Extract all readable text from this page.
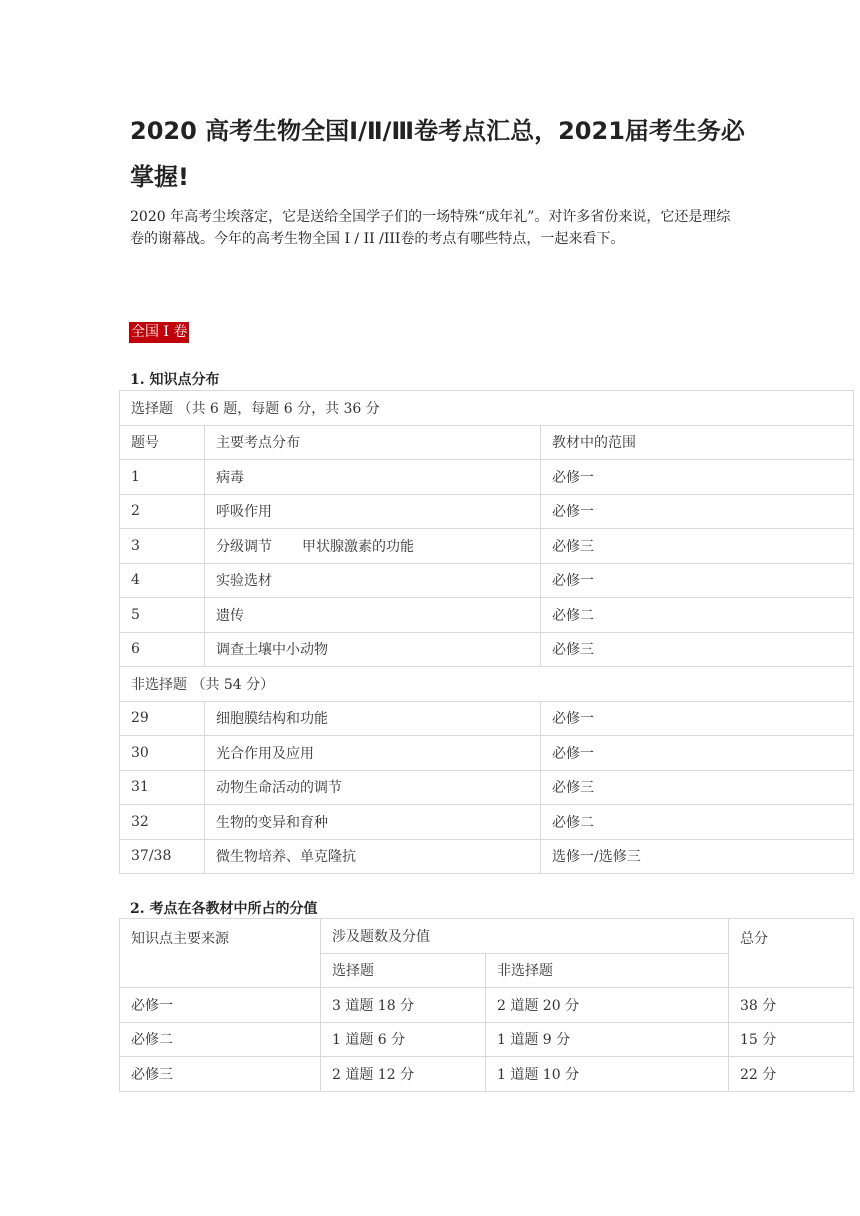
2020 高考生物全国Ⅰ/Ⅱ/Ⅲ卷考点汇总，2021届考生务必掌握!

2020 年高考尘埃落定，它是送给全国学子们的一场特殊“成年礼”。对许多省份来说，它还是理综卷的谢幕战。今年的高考生物全国 I / II /III卷的考点有哪些特点，一起来看下。

全国 I 卷
1. 知识点分布
选择题 （共 6 题，每题 6 分，共 36 分		
题号	主要考点分布	教材中的范围
1	病毒	必修一
2	呼吸作用	必修一
3	分级调节 甲状腺激素的功能	必修三
4	实验选材	必修一
5	遗传	必修二
6	调查土壤中小动物	必修三
非选择题 （共 54 分）		
29	细胞膜结构和功能	必修一
30	光合作用及应用	必修一
31	动物生命活动的调节	必修三
32	生物的变异和育种	必修二
37/38	微生物培养、单克隆抗	选修一/选修三
2. 考点在各教材中所占的分值
知识点主要来源	涉及题数及分值		总分
	选择题	非选择题	
必修一	3 道题 18 分	2 道题 20 分	38 分
必修二	1 道题 6 分	1 道题 9 分	15 分
必修三	2 道题 12 分	1 道题 10 分	22 分
